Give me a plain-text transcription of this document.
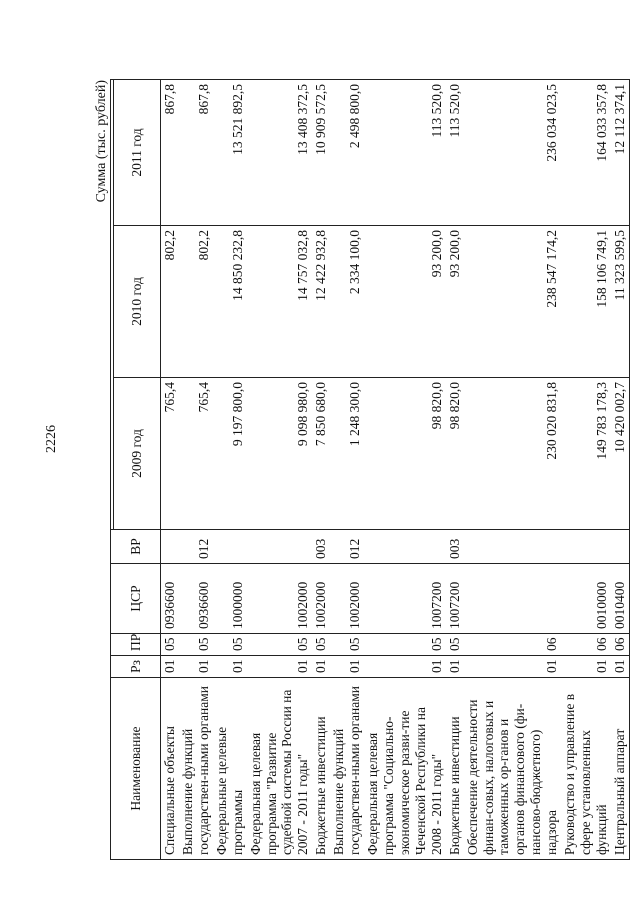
2226
Сумма (тыс. рублей)
Наименование	Рз	ПР	ЦСР	ВР			
					2009 год	2010 год	2011 год
Специальные объекты	01	05	0936600		765,4	802,2	867,8
Выполнение функций государствен-ными органами	01	05	0936600	012	765,4	802,2	867,8
Федеральные целевые программы	01	05	1000000		9 197 800,0	14 850 232,8	13 521 892,5
Федеральная целевая программа "Развитие судебной системы России на 2007 - 2011 годы"	01	05	1002000		9 098 980,0	14 757 032,8	13 408 372,5
Бюджетные инвестиции	01	05	1002000	003	7 850 680,0	12 422 932,8	10 909 572,5
Выполнение функций государствен-ными органами	01	05	1002000	012	1 248 300,0	2 334 100,0	2 498 800,0
Федеральная целевая программа "Социально-экономическое разви-тие Чеченской Республики на 2008 - 2011 годы"	01	05	1007200		98 820,0	93 200,0	113 520,0
Бюджетные инвестиции	01	05	1007200	003	98 820,0	93 200,0	113 520,0
Обеспечение деятельности финан-совых, налоговых и таможенных ор-ганов и органов финансового (фи-нансово-бюджетного) надзора	01	06			230 020 831,8	238 547 174,2	236 034 023,5
Руководство и управление в сфере установленных функций	01	06	0010000		149 783 178,3	158 106 749,1	164 033 357,8
Центральный аппарат	01	06	0010400		10 420 002,7	11 323 599,5	12 112 374,1
